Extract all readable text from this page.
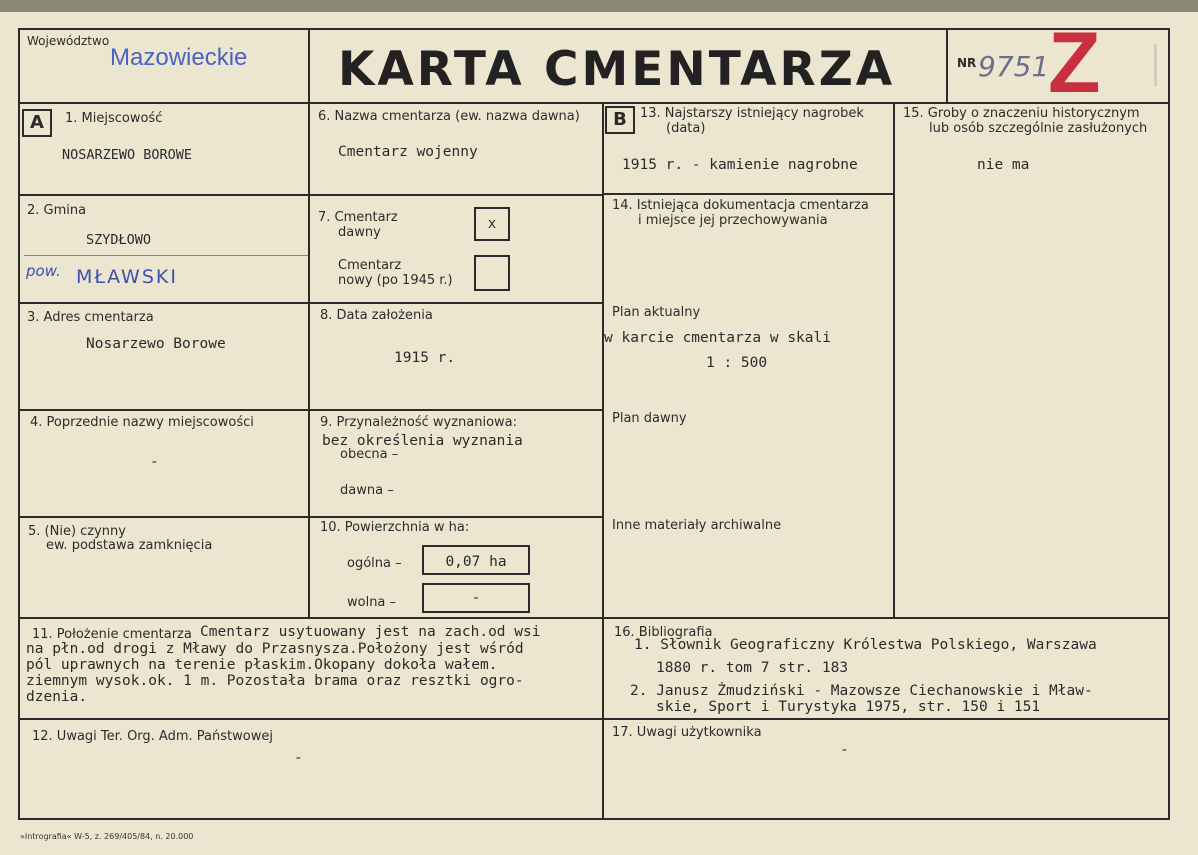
Województwo
Mazowieckie KARTA CMENTARZA	NR 9751
Z
A	1. Miejscowość
NOSARZEWO BOROWE
2. Gmina
SZYDŁOWO
pow. MŁAWSKI
3. Adres cmentarza
Nosarzewo Borowe
4. Poprzednie nazwy miejscowości
-
5. (Nie) czynny
ew. podstawa zamknięcia
6. Nazwa cmentarza (ew. nazwa dawna)
Cmentarz wojenny
7. Cmentarz
dawny
x
Cmentarz
nowy (po 1945 r.)
8. Data założenia
1915 r.
9. Przynależność wyznaniowa:
bez określenia wyznania
obecna –
dawna –
10. Powierzchnia w ha:
ogólna –	0,07 ha
wolna –	-
B	13. Najstarszy istniejący nagrobek
(data)
1915 r. - kamienie nagrobne
14. Istniejąca dokumentacja cmentarza
i miejsce jej przechowywania
Plan aktualny
w karcie cmentarza w skali
1 : 500
Plan dawny
Inne materiały archiwalne
15. Groby o znaczeniu historycznym
lub osób szczególnie zasłużonych
nie ma
11. Położenie cmentarza Cmentarz usytuowany jest na zach.od wsi
na płn.od drogi z Mławy do Przasnysza.Położony jest wśród
pól uprawnych na terenie płaskim.Okopany dokoła wałem.
ziemnym wysok.ok. 1 m. Pozostała brama oraz resztki ogro-
dzenia.
16. Bibliografia
1. Słownik Geograficzny Królestwa Polskiego, Warszawa
1880 r. tom 7 str. 183
2. Janusz Żmudziński - Mazowsze Ciechanowskie i Mław-
skie, Sport i Turystyka 1975, str. 150 i 151
12. Uwagi Ter. Org. Adm. Państwowej
-
17. Uwagi użytkownika
-
»Intrografia« W-5, z. 269/405/84, n. 20.000
